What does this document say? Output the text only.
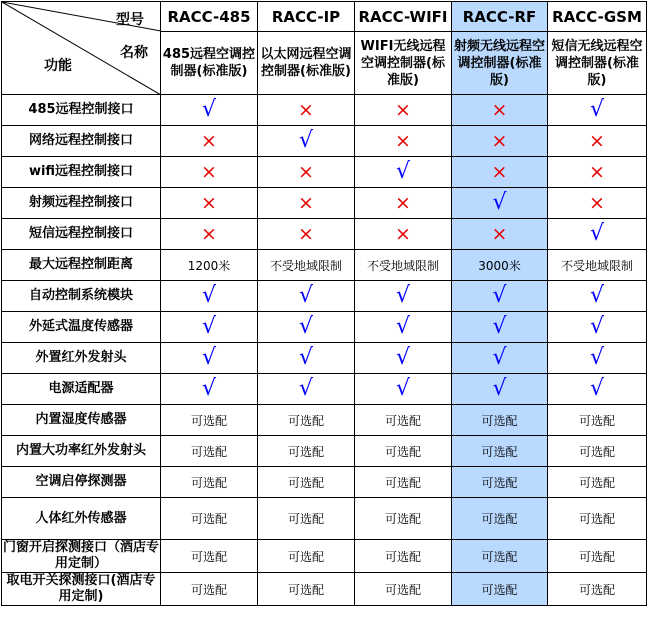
型号
名称
功能	RACC-485	RACC-IP	RACC-WIFI	RACC-RF	RACC-GSM
	485远程空调控制器(标准版)	以太网远程空调控制器(标准版)	WIFI无线远程空调控制器(标准版)	射频无线远程空调控制器(标准版)	短信无线远程空调控制器(标准版)
485远程控制接口	√	×	×	×	√
网络远程控制接口	×	√	×	×	×
wifi远程控制接口	×	×	√	×	×
射频远程控制接口	×	×	×	√	×
短信远程控制接口	×	×	×	×	√
最大远程控制距离	1200米	不受地域限制	不受地域限制	3000米	不受地域限制
自动控制系统模块	√	√	√	√	√
外延式温度传感器	√	√	√	√	√
外置红外发射头	√	√	√	√	√
电源适配器	√	√	√	√	√
内置湿度传感器	可选配	可选配	可选配	可选配	可选配
内置大功率红外发射头	可选配	可选配	可选配	可选配	可选配
空调启停探测器	可选配	可选配	可选配	可选配	可选配
人体红外传感器	可选配	可选配	可选配	可选配	可选配
门窗开启探测接口（酒店专用定制）	可选配	可选配	可选配	可选配	可选配
取电开关探测接口(酒店专用定制)	可选配	可选配	可选配	可选配	可选配
